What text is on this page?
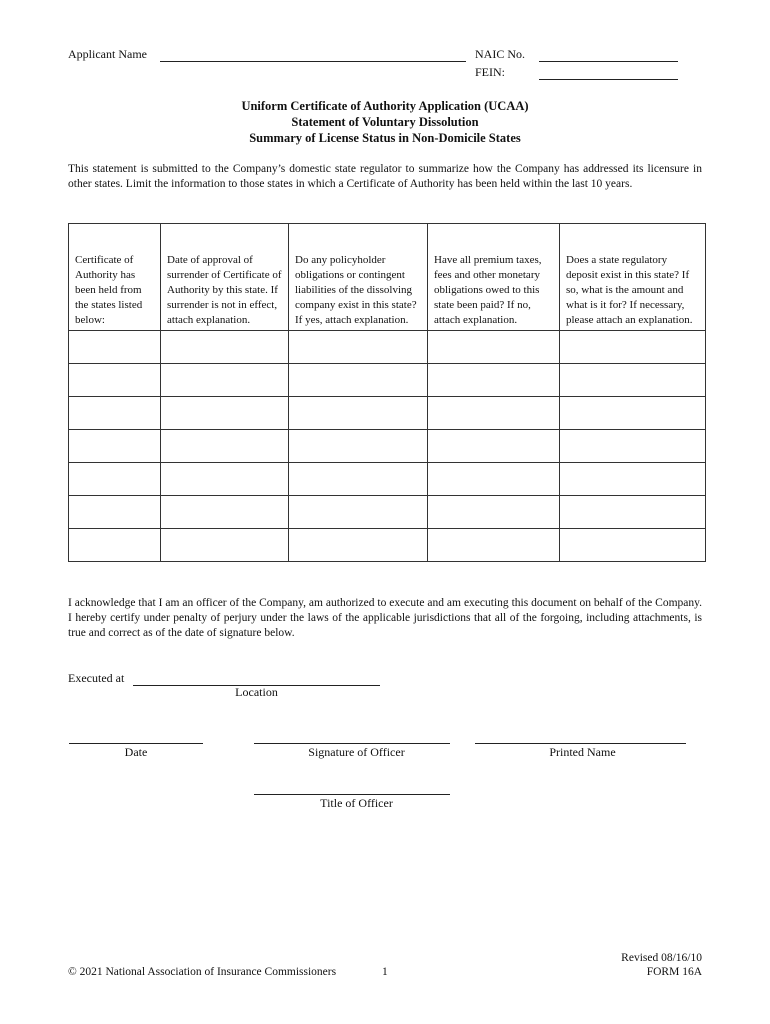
Applicant Name	NAIC No.
FEIN:
Uniform Certificate of Authority Application (UCAA)
Statement of Voluntary Dissolution
Summary of License Status in Non-Domicile States
This statement is submitted to the Company’s domestic state regulator to summarize how the Company has addressed its licensure in other states. Limit the information to those states in which a Certificate of Authority has been held within the last 10 years.
Certificate of Authority has been held from the states listed below:	Date of approval of surrender of Certificate of Authority by this state. If surrender is not in effect, attach explanation.	Do any policyholder obligations or contingent liabilities of the dissolving company exist in this state? If yes, attach explanation.	Have all premium taxes, fees and other monetary obligations owed to this state been paid? If no, attach explanation.	Does a state regulatory deposit exist in this state? If so, what is the amount and what is it for? If necessary, please attach an explanation.

I acknowledge that I am an officer of the Company, am authorized to execute and am executing this document on behalf of the Company. I hereby certify under penalty of perjury under the laws of the applicable jurisdictions that all of the forgoing, including attachments, is true and correct as of the date of signature below.
Executed at
Location
Date	Signature of Officer	Printed Name
Title of Officer
© 2021 National Association of Insurance Commissioners	1
Revised 08/16/10
FORM 16A
